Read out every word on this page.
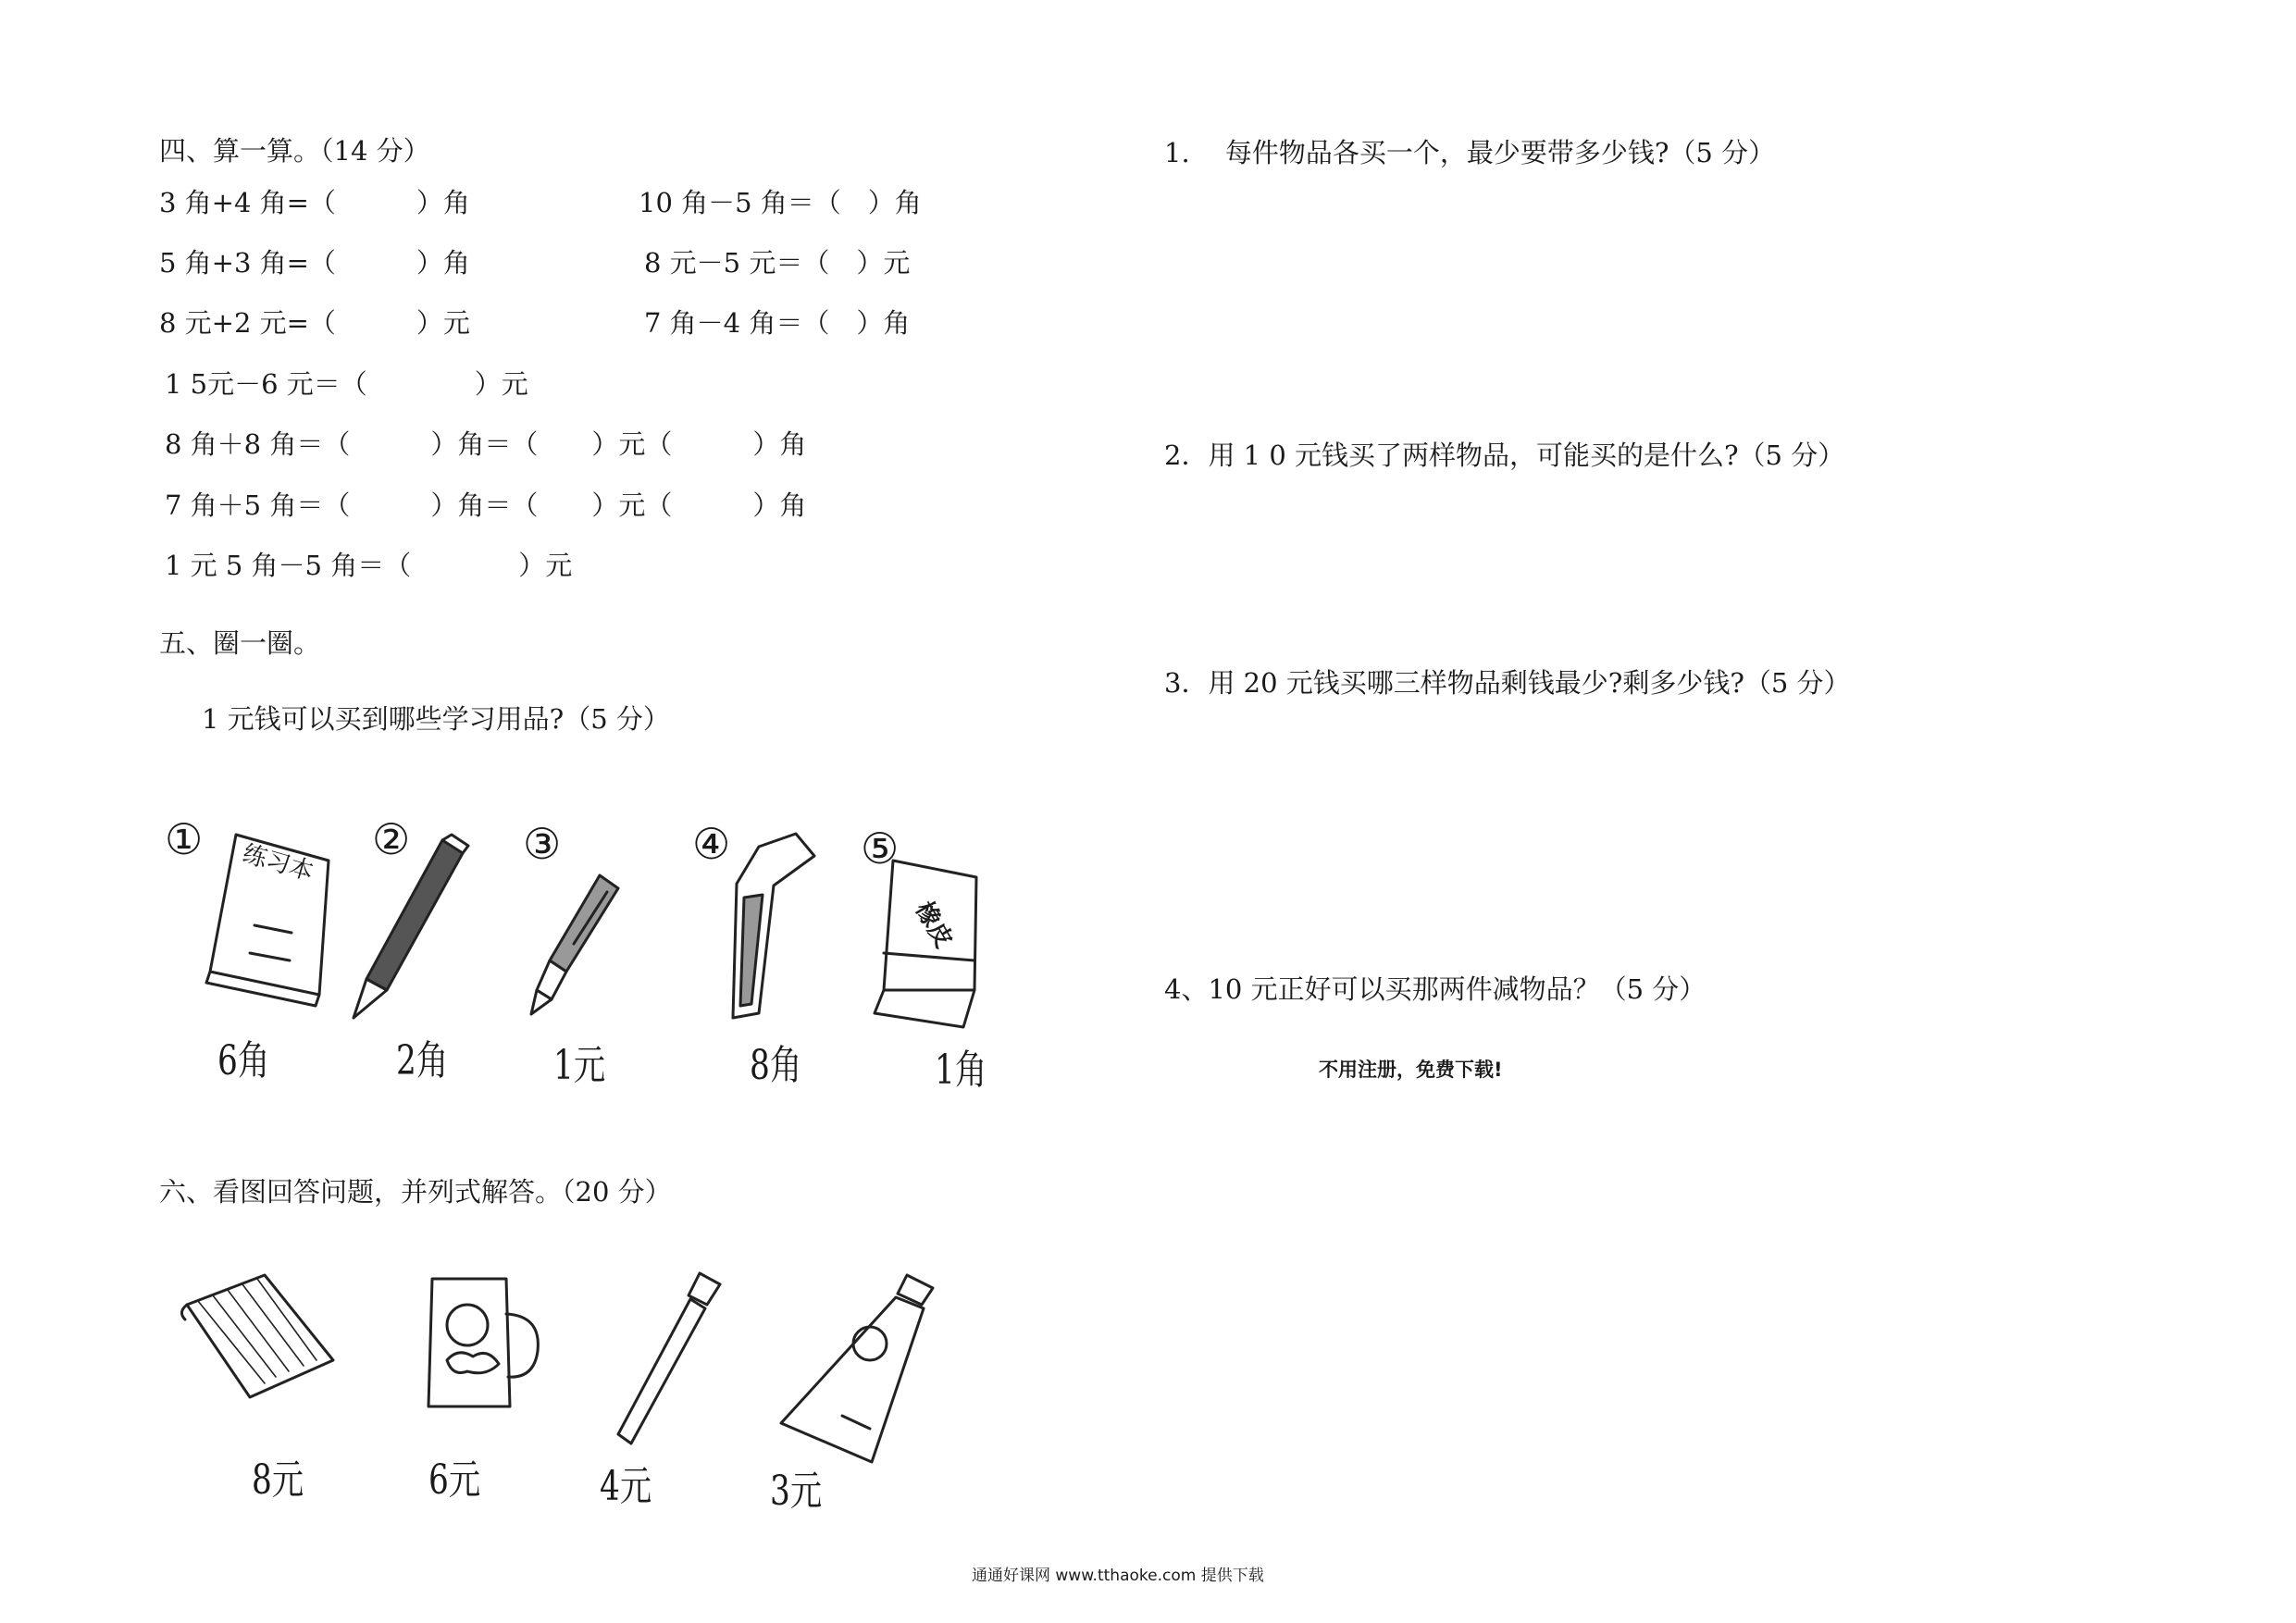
四、算一算。（14 分）
3 角+4 角=（　　　）角	10 角－5 角＝（　）角
5 角+3 角=（　　　）角	8 元－5 元＝（　）元
8 元+2 元=（　　　）元	7 角－4 角＝（　）角
1 5元－6 元＝（　　　　）元
8 角＋8 角＝（　　　）角＝（　　）元（　　　）角
7 角＋5 角＝（　　　）角＝（　　）元（　　　）角
1 元 5 角－5 角＝（　　　　）元
五、圈一圈。
1 元钱可以买到哪些学习用品?（5 分）
①	②	③	④	⑤
练习本
橡皮
6角	2角	1元	8角	1角
六、看图回答问题，并列式解答。（20 分）
8元	6元	4元	3元
1.　 每件物品各买一个，最少要带多少钱?（5 分）
2．用 1 0 元钱买了两样物品，可能买的是什么?（5 分）
3．用 20 元钱买哪三样物品剩钱最少?剩多少钱?（5 分）
4、10 元正好可以买那两件减物品？（5 分）
不用注册，免费下载!
通通好课网 www.tthaoke.com 提供下载
